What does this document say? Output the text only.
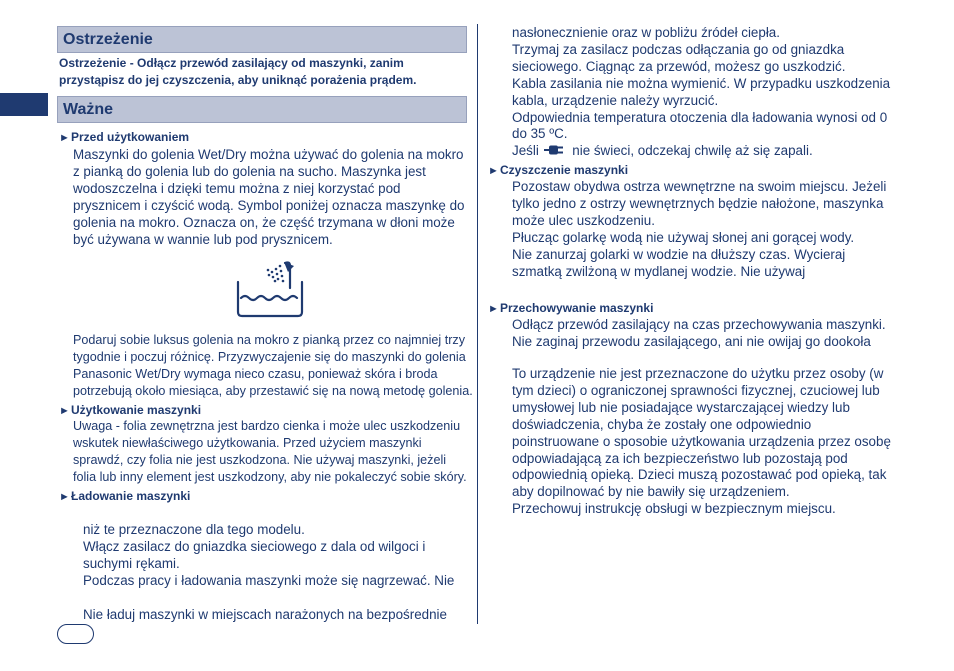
Ostrzeżenie
Ostrzeżenie - Odłącz przewód zasilający od maszynki, zanim przystąpisz do jej czyszczenia, aby uniknąć porażenia prądem.
Ważne
►Przed użytkowaniem
Maszynki do golenia Wet/Dry można używać do golenia na mokro
z pianką do golenia lub do golenia na sucho. Maszynka jest
wodoszczelna i dzięki temu można z niej korzystać pod
prysznicem i czyścić wodą. Symbol poniżej oznacza maszynkę do
golenia na mokro. Oznacza on, że część trzymana w dłoni może
być używana w wannie lub pod prysznicem.
Podaruj sobie luksus golenia na mokro z pianką przez co najmniej trzy
tygodnie i poczuj różnicę. Przyzwyczajenie się do maszynki do golenia
Panasonic Wet/Dry wymaga nieco czasu, ponieważ skóra i broda
potrzebują około miesiąca, aby przestawić się na nową metodę golenia.
►Użytkowanie maszynki
Uwaga - folia zewnętrzna jest bardzo cienka i może ulec uszkodzeniu
wskutek niewłaściwego użytkowania. Przed użyciem maszynki
sprawdź, czy folia nie jest uszkodzona. Nie używaj maszynki, jeżeli
folia lub inny element jest uszkodzony, aby nie pokaleczyć sobie skóry.
►Ładowanie maszynki
niż te przeznaczone dla tego modelu.
Włącz zasilacz do gniazdka sieciowego z dala od wilgoci i
suchymi rękami.
Podczas pracy i ładowania maszynki może się nagrzewać. Nie
Nie ładuj maszynki w miejscach narażonych na bezpośrednie
nasłonecznienie oraz w pobliżu źródeł ciepła.
Trzymaj za zasilacz podczas odłączania go od gniazdka
sieciowego. Ciągnąc za przewód, możesz go uszkodzić.
Kabla zasilania nie można wymienić. W przypadku uszkodzenia
kabla, urządzenie należy wyrzucić.
Odpowiednia temperatura otoczenia dla ładowania wynosi od 0
do 35 ºC.
Jeśli nie świeci, odczekaj chwilę aż się zapali.
►Czyszczenie maszynki
Pozostaw obydwa ostrza wewnętrzne na swoim miejscu. Jeżeli
tylko jedno z ostrzy wewnętrznych będzie nałożone, maszynka
może ulec uszkodzeniu.
Płucząc golarkę wodą nie używaj słonej ani gorącej wody.
Nie zanurzaj golarki w wodzie na dłuższy czas. Wycieraj
szmatką zwilżoną w mydlanej wodzie. Nie używaj
►Przechowywanie maszynki
Odłącz przewód zasilający na czas przechowywania maszynki.
Nie zaginaj przewodu zasilającego, ani nie owijaj go dookoła
To urządzenie nie jest przeznaczone do użytku przez osoby (w
tym dzieci) o ograniczonej sprawności fizycznej, czuciowej lub
umysłowej lub nie posiadające wystarczającej wiedzy lub
doświadczenia, chyba że zostały one odpowiednio
poinstruowane o sposobie użytkowania urządzenia przez osobę
odpowiadającą za ich bezpieczeństwo lub pozostają pod
odpowiednią opieką. Dzieci muszą pozostawać pod opieką, tak
aby dopilnować by nie bawiły się urządzeniem.
Przechowuj instrukcję obsługi w bezpiecznym miejscu.
